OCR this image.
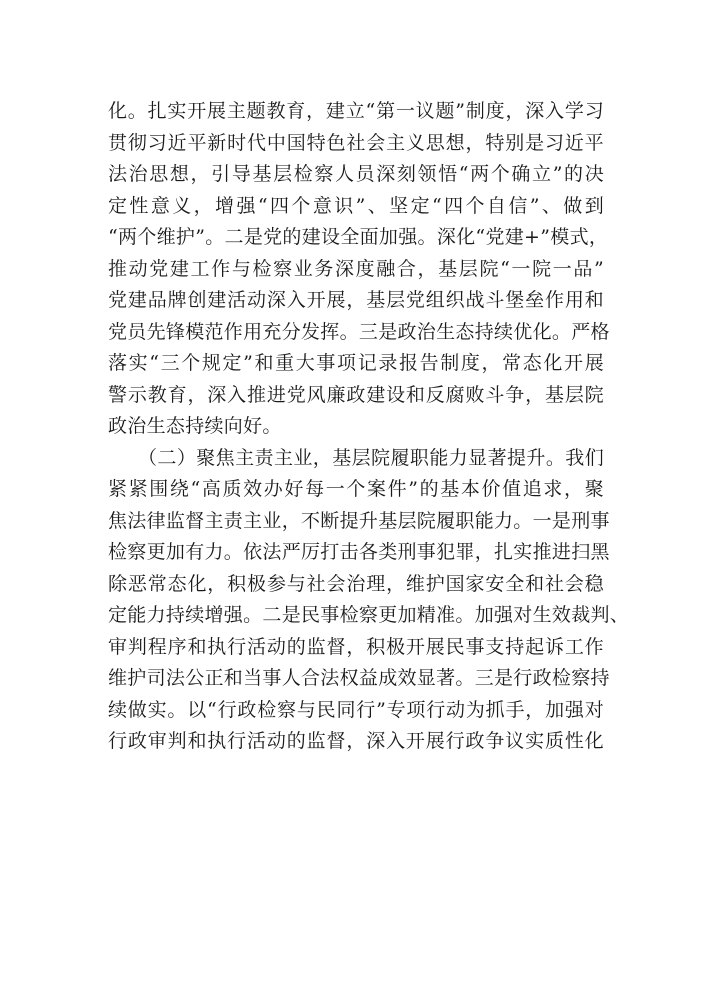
化。扎实开展主题教育，建立“第一议题”制度，深入学习
贯彻习近平新时代中国特色社会主义思想，特别是习近平
法治思想，引导基层检察人员深刻领悟“两个确立”的决
定性意义，增强“四个意识”、坚定“四个自信”、做到
“两个维护”。二是党的建设全面加强。深化“党建+”模式，
推动党建工作与检察业务深度融合，基层院“一院一品”
党建品牌创建活动深入开展，基层党组织战斗堡垒作用和
党员先锋模范作用充分发挥。三是政治生态持续优化。严格
落实“三个规定”和重大事项记录报告制度，常态化开展
警示教育，深入推进党风廉政建设和反腐败斗争，基层院
政治生态持续向好。
（二）聚焦主责主业，基层院履职能力显著提升。我们
紧紧围绕“高质效办好每一个案件”的基本价值追求，聚
焦法律监督主责主业，不断提升基层院履职能力。一是刑事
检察更加有力。依法严厉打击各类刑事犯罪，扎实推进扫黑
除恶常态化，积极参与社会治理，维护国家安全和社会稳
定能力持续增强。二是民事检察更加精准。加强对生效裁判、
审判程序和执行活动的监督，积极开展民事支持起诉工作
维护司法公正和当事人合法权益成效显著。三是行政检察持
续做实。以“行政检察与民同行”专项行动为抓手，加强对
行政审判和执行活动的监督，深入开展行政争议实质性化
